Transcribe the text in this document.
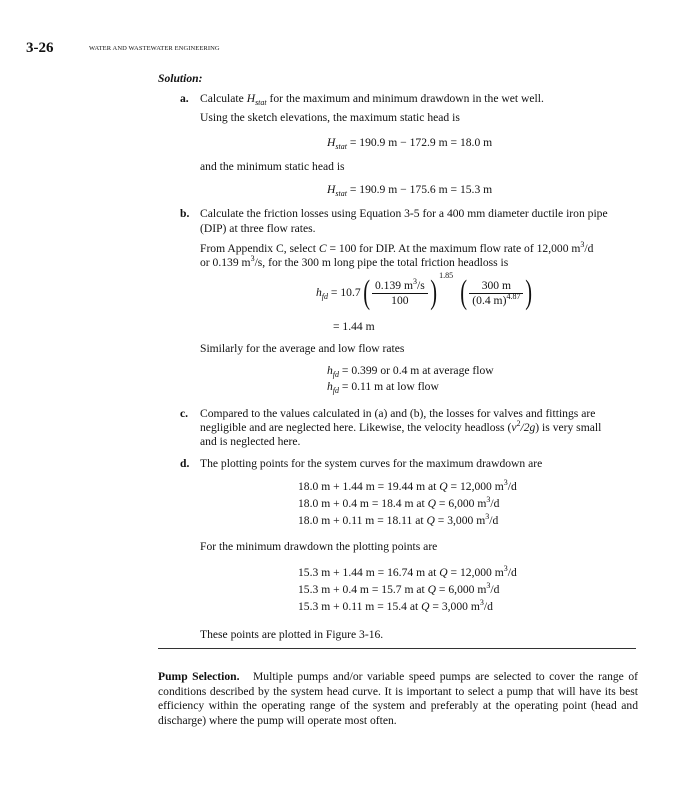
3-26	WATER AND WASTEWATER ENGINEERING
Solution:
a. Calculate $H_{stat}$ for the maximum and minimum drawdown in the wet well.
Using the sketch elevations, the maximum static head is
$H_{stat} = 190.9$ m − 172.9 m = 18.0 m
and the minimum static head is
$H_{stat} = 190.9$ m − 175.6 m = 15.3 m
b. Calculate the friction losses using Equation 3-5 for a 400 mm diameter ductile iron pipe
(DIP) at three flow rates.
From Appendix C, select C = 100 for DIP. At the maximum flow rate of 12,000 $m^3/d$
or 0.139 $m^3/s$, for the 300 m long pipe the total friction headloss is
$h_{fd} = 10.7( \frac{0.139 m^3/s}{100}$ ) $^{1.85}$ ( $\frac{300 m}{(0.4 m)^{4.87}}$ )
= 1.44 m
Similarly for the average and low flow rates
$h_{fd} = 0.399$ or 0.4 m at average flow
$h_{fd} = 0.11$ m at low flow
c. Compared to the values calculated in (a) and (b), the losses for valves and fittings are
negligible and are neglected here. Likewise, the velocity headloss $(v^2/2g)$ is very small
and is neglected here.
d. The plotting points for the system curves for the maximum drawdown are
18.0 m + 1.44 m = 19.44 m at Q = 12,000 $m^3/d$
18.0 m + 0.4 m = 18.4 m at Q = 6,000 $m^3/d$
18.0 m + 0.11 m = 18.11 at Q = 3,000 $m^3/d$
For the minimum drawdown the plotting points are
15.3 m + 1.44 m = 16.74 m at Q = 12,000 $m^3/d$
15.3 m + 0.4 m = 15.7 m at Q = 6,000 $m^3/d$
15.3 m + 0.11 m = 15.4 at Q = 3,000 $m^3/d$
These points are plotted in Figure 3-16.
Pump Selection. Multiple pumps and/or variable speed pumps are selected to cover the range of conditions described by the system head curve. It is important to select a pump that will have its best efficiency within the operating range of the system and preferably at the operating point (head and discharge) where the pump will operate most often.
